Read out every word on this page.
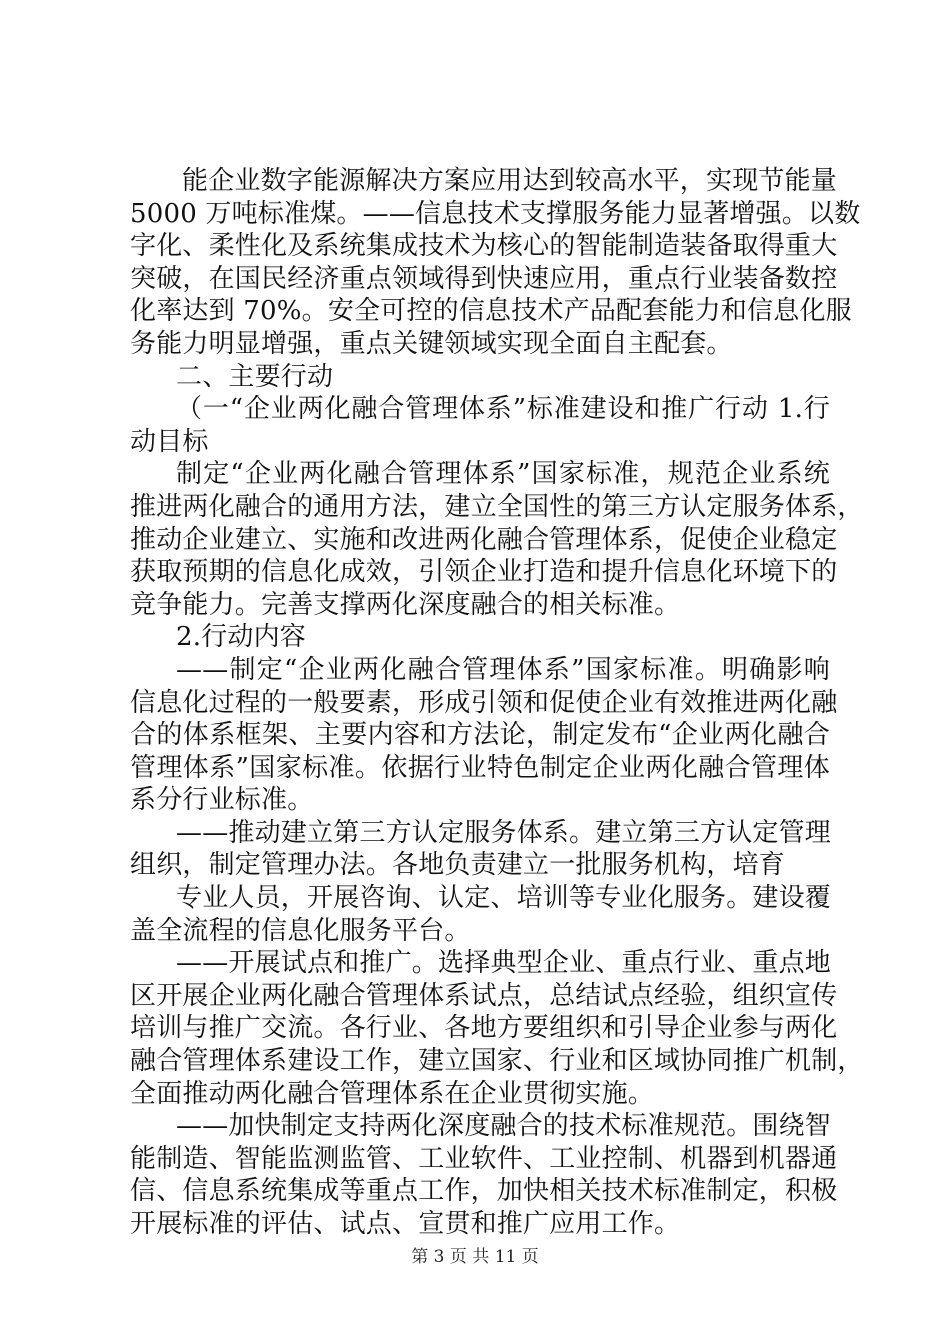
能企业数字能源解决方案应用达到较高水平，实现节能量
5000 万吨标准煤。——信息技术支撑服务能力显著增强。以数
字化、柔性化及系统集成技术为核心的智能制造装备取得重大
突破，在国民经济重点领域得到快速应用，重点行业装备数控
化率达到 70%。安全可控的信息技术产品配套能力和信息化服
务能力明显增强，重点关键领域实现全面自主配套。
二、主要行动
（一“企业两化融合管理体系”标准建设和推广行动 1.行
动目标
制定“企业两化融合管理体系”国家标准，规范企业系统
推进两化融合的通用方法，建立全国性的第三方认定服务体系，
推动企业建立、实施和改进两化融合管理体系，促使企业稳定
获取预期的信息化成效，引领企业打造和提升信息化环境下的
竞争能力。完善支撑两化深度融合的相关标准。
2.行动内容
——制定“企业两化融合管理体系”国家标准。明确影响
信息化过程的一般要素，形成引领和促使企业有效推进两化融
合的体系框架、主要内容和方法论，制定发布“企业两化融合
管理体系”国家标准。依据行业特色制定企业两化融合管理体
系分行业标准。
——推动建立第三方认定服务体系。建立第三方认定管理
组织，制定管理办法。各地负责建立一批服务机构，培育
专业人员，开展咨询、认定、培训等专业化服务。建设覆
盖全流程的信息化服务平台。
——开展试点和推广。选择典型企业、重点行业、重点地
区开展企业两化融合管理体系试点，总结试点经验，组织宣传
培训与推广交流。各行业、各地方要组织和引导企业参与两化
融合管理体系建设工作，建立国家、行业和区域协同推广机制，
全面推动两化融合管理体系在企业贯彻实施。
——加快制定支持两化深度融合的技术标准规范。围绕智
能制造、智能监测监管、工业软件、工业控制、机器到机器通
信、信息系统集成等重点工作，加快相关技术标准制定，积极
开展标准的评估、试点、宣贯和推广应用工作。
第 3 页 共 11 页
